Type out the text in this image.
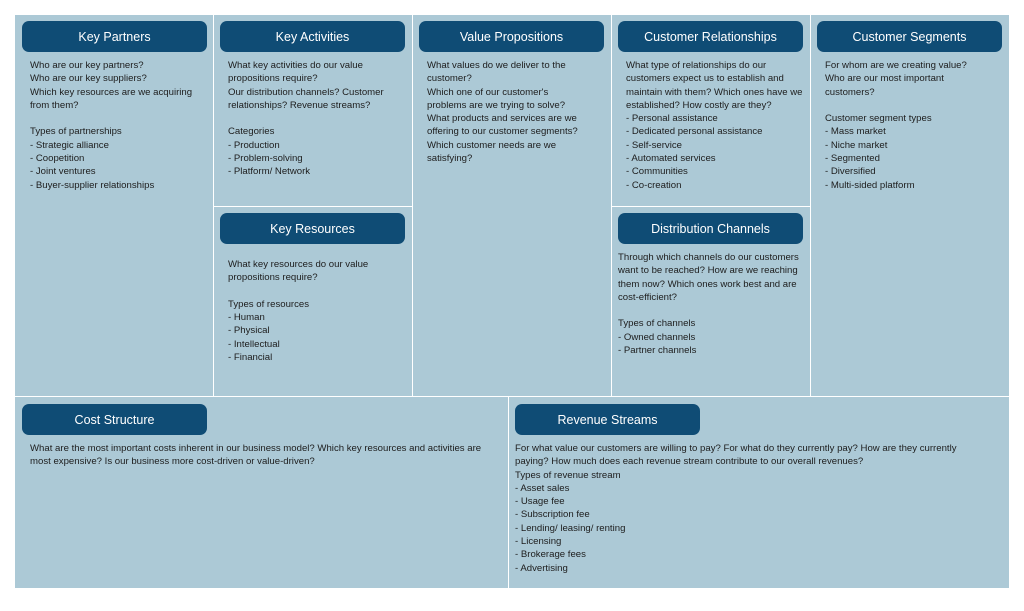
Key Partners
Who are our key partners?
Who are our key suppliers?
Which key resources are we acquiring from them?

Types of partnerships
- Strategic alliance
- Coopetition
- Joint ventures
- Buyer-supplier relationships
Key Activities
What key activities do our value propositions require?
Our distribution channels? Customer relationships? Revenue streams?

Categories
- Production
- Problem-solving
- Platform/ Network
Key Resources
What key resources do our value propositions require?

Types of resources
- Human
- Physical
- Intellectual
- Financial
Value Propositions
What values do we deliver to the customer?
Which one of our customer's problems are we trying to solve?
What products and services are we offering to our customer segments?
Which customer needs are we satisfying?
Customer Relationships
What type of relationships do our customers expect us to establish and maintain with them? Which ones have we established? How costly are they?
- Personal assistance
- Dedicated personal assistance
- Self-service
- Automated services
- Communities
- Co-creation
Distribution Channels
Through which channels do our customers want to be reached? How are we reaching them now? Which ones work best and are cost-efficient?

Types of channels
- Owned channels
- Partner channels
Customer Segments
For whom are we creating value?
Who are our most important customers?

Customer segment types
- Mass market
- Niche market
- Segmented
- Diversified
- Multi-sided platform
Cost Structure
What are the most important costs inherent in our business model? Which key resources and activities are most expensive? Is our business more cost-driven or value-driven?
Revenue Streams
For what value our customers are willing to pay? For what do they currently pay? How are they currently paying? How much does each revenue stream contribute to our overall revenues?
Types of revenue stream
- Asset sales
- Usage fee
- Subscription fee
- Lending/ leasing/ renting
- Licensing
- Brokerage fees
- Advertising
